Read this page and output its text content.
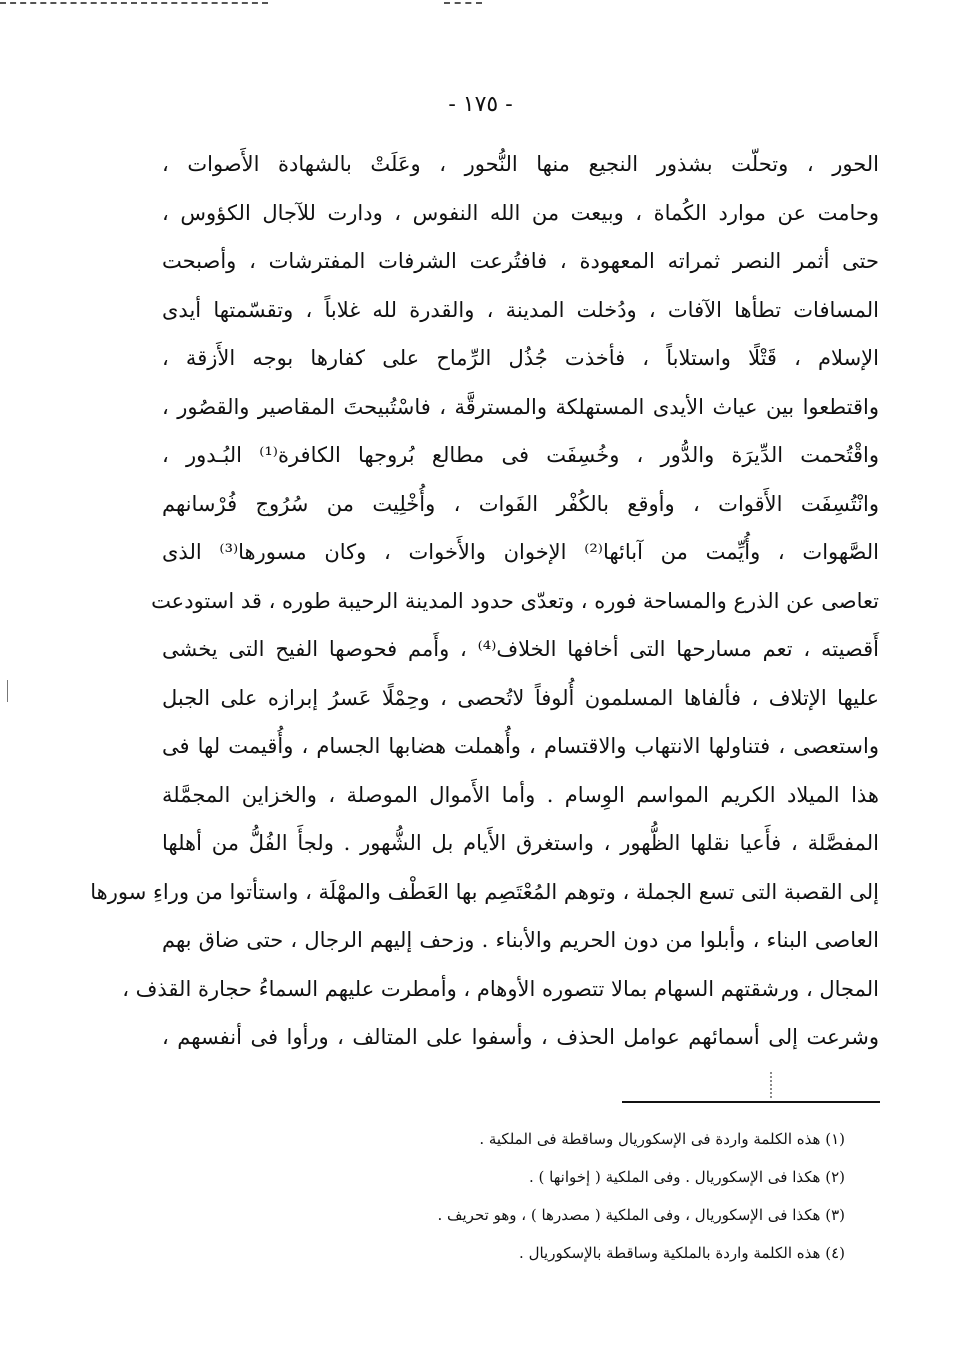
- ١٧٥ -
الحور ، وتحلّت بشذور النجيع منها النُّحور ، وعَلَتْ بالشهادة الأَصوات ،
وحامت عن موارد الكُماة ، وبيعت من الله النفوس ، ودارت للآجال الكؤوس ،
حتى أثمر النصر ثمراته المعهودة ، فافتُرعت الشرفات المفترشات ، وأصبحت
المسافات تطأها الآفات ، ودُخلت المدينة ، والقدرة لله غلاباً ، وتقسّمتها أيدى
الإسلام ، قَتْلًا واستلاباً ، فأخذت جُذُل الرِّماح على كفارها بوجه الأَزقة ،
واقتطعوا بين عياث الأيدى المستهلكة والمسترقَّة ، فاسْتُبيحتَ المقاصير والقصُور ،
واقْتُحمت الدِّيرَة والدُّور ، وخُسِفَت فى مطالع بُروجها الكافرة⁽¹⁾ البُـدور ،
وانْتُسِفَت الأَقوات ، وأوقع بالكُفْر الفَوات ، وأُخْلِيت من سُرُوج فُرْسانهم
الصَّهوات ، وأُيِّمت من آبائها⁽²⁾ الإخوان والأَخوات ، وكان مسورها⁽³⁾ الذى
تعاصى عن الذرع والمساحة فوره ، وتعدّى حدود المدينة الرحيبة طوره ، قد استودعت
أَقصيته ، تعم مسارحها التى أخافها الخلاف⁽⁴⁾ ، وأَمم فحوصها الفيح التى يخشى
عليها الإتلاف ، فألفاها المسلمون أُلوفاً لاتُحصى ، وحِمْلًا عَسرُ إبرازه على الجبل
واستعصى ، فتناولها الانتهاب والاقتسام ، وأُهملت هضابها الجسام ، وأُقيمت لها فى
هذا الميلاد الكريم المواسم الوِسام . وأما الأَموال الموصلة ، والخزاين المجمَّلة
المفصَّلة ، فأَعيا نقلها الظُّهور ، واستغرق الأَيام بل الشُّهور . ولجأَ الفُلُّ من أهلها
إلى القصبة التى تسع الجملة ، وتوهم المُعْتَصِم بها العَطْف والمهْلَة ، واستأتوا من وراءِ سورها
العاصى البناء ، وأبلوا من دون الحريم والأبناء . وزحف إليهم الرجال ، حتى ضاق بهم
المجال ، ورشقتهم السهام بمالا تتصوره الأوهام ، وأمطرت عليهم السماءُ حجارة القذف ،
وشرعت إلى أسمائهم عوامل الحذف ، وأسفوا على المتالف ، ورأوا فى أنفسهم ،
(١) هذه الكلمة واردة فى الإسكوريال وساقطة فى الملكية .
(٢) هكذا فى الإسكوريال . وفى الملكية ( إخوانها ) .
(٣) هكذا فى الإسكوريال ، وفى الملكية ( مصدرها ) ، وهو تحريف .
(٤) هذه الكلمة واردة بالملكية وساقطة بالإسكوريال .
